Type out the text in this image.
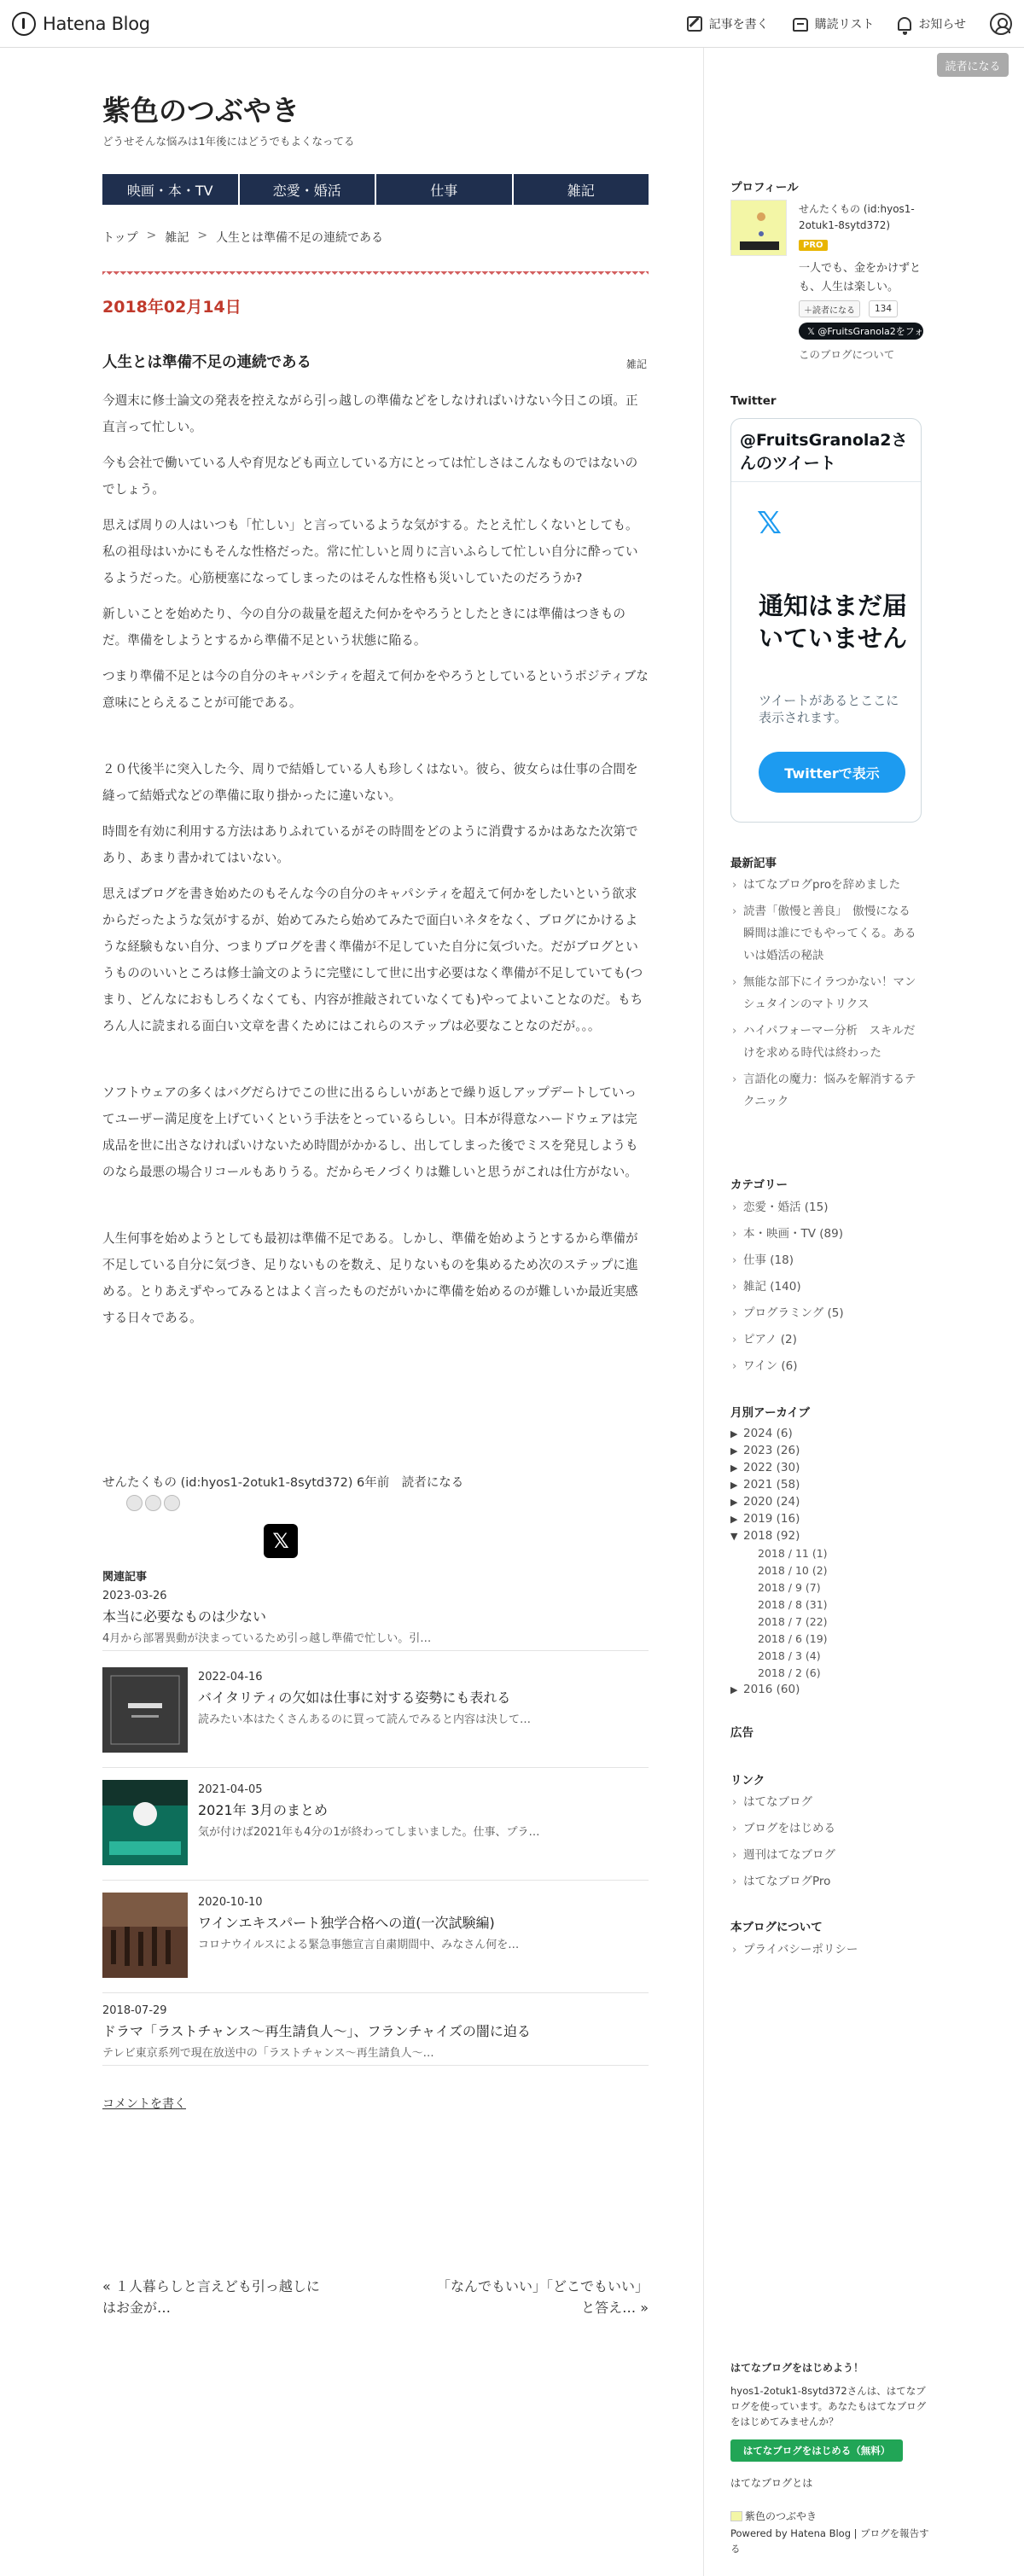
Hatena Blog	記事を書く	購読リスト	お知らせ
読者になる
紫色のつぶやき
どうせそんな悩みは1年後にはどうでもよくなってる
映画・本・TV	恋愛・婚活	仕事	雑記
トップ > 雑記 > 人生とは準備不足の連続である
2018年02月14日
人生とは準備不足の連続である	雑記

今週末に修士論文の発表を控えながら引っ越しの準備などをしなければいけない今日この頃。正直言って忙しい。

今も会社で働いている人や育児なども両立している方にとっては忙しさはこんなものではないのでしょう。

思えば周りの人はいつも「忙しい」と言っているような気がする。たとえ忙しくないとしても。私の祖母はいかにもそんな性格だった。常に忙しいと周りに言いふらして忙しい自分に酔っているようだった。心筋梗塞になってしまったのはそんな性格も災いしていたのだろうか?

新しいことを始めたり、今の自分の裁量を超えた何かをやろうとしたときには準備はつきものだ。準備をしようとするから準備不足という状態に陥る。

つまり準備不足とは今の自分のキャパシティを超えて何かをやろうとしているというポジティブな意味にとらえることが可能である。

２０代後半に突入した今、周りで結婚している人も珍しくはない。彼ら、彼女らは仕事の合間を縫って結婚式などの準備に取り掛かったに違いない。

時間を有効に利用する方法はありふれているがその時間をどのように消費するかはあなた次第であり、あまり書かれてはいない。

思えばブログを書き始めたのもそんな今の自分のキャパシティを超えて何かをしたいという欲求からだったような気がするが、始めてみたら始めてみたで面白いネタをなく、ブログにかけるような経験もない自分、つまりブログを書く準備が不足していた自分に気づいた。だがブログというもののいいところは修士論文のように完璧にして世に出す必要はなく準備が不足していても(つまり、どんなにおもしろくなくても、内容が推敲されていなくても)やってよいことなのだ。もちろん人に読まれる面白い文章を書くためにはこれらのステップは必要なことなのだが。。。

ソフトウェアの多くはバグだらけでこの世に出るらしいがあとで繰り返しアップデートしていってユーザー満足度を上げていくという手法をとっているらしい。日本が得意なハードウェアは完成品を世に出さなければいけないため時間がかかるし、出してしまった後でミスを発見しようものなら最悪の場合リコールもありうる。だからモノづくりは難しいと思うがこれは仕方がない。

人生何事を始めようとしても最初は準備不足である。しかし、準備を始めようとするから準備が不足している自分に気づき、足りないものを数え、足りないものを集めるため次のステップに進める。とりあえずやってみるとはよく言ったものだがいかに準備を始めるのが難しいか最近実感する日々である。

せんたくもの (id:hyos1-2otuk1-8sytd372) 6年前　読者になる
𝕏
関連記事
2023-03-26
本当に必要なものは少ない
4月から部署異動が決まっているため引っ越し準備で忙しい。引…
2022-04-16
バイタリティの欠如は仕事に対する姿勢にも表れる
読みたい本はたくさんあるのに買って読んでみると内容は決して…
2021-04-05
2021年 3月のまとめ
気が付けば2021年も4分の1が終わってしまいました。仕事、プラ…
2020-10-10
ワインエキスパート独学合格への道(一次試験編)
コロナウイルスによる緊急事態宣言自粛期間中、みなさん何を…
2018-07-29
ドラマ「ラストチャンス〜再生請負人〜」、フランチャイズの闇に迫る
テレビ東京系列で現在放送中の「ラストチャンス〜再生請負人〜…
コメントを書く
« １人暮らしと言えども引っ越しにはお金が…
「なんでもいい」「どこでもいい」と答え… »
プロフィール
せんたくもの (id:hyos1-2otuk1-8sytd372)
PRO
一人でも、金をかけずとも、人生は楽しい。
＋読者になる	134
𝕏 @FruitsGranola2をフォロー
このブログについて
Twitter
@FruitsGranola2さんのツイート
𝕏
通知はまだ届いていません
ツイートがあるとここに表示されます。
Twitterで表示
最新記事
› はてなブログproを辞めました
› 読書「傲慢と善良」　傲慢になる瞬間は誰にでもやってくる。あるいは婚活の秘訣
› 無能な部下にイラつかない！マンシュタインのマトリクス
› ハイパフォーマー分析　スキルだけを求める時代は終わった
› 言語化の魔力：悩みを解消するテクニック
カテゴリー
› 恋愛・婚活 (15)
› 本・映画・TV (89)
› 仕事 (18)
› 雑記 (140)
› プログラミング (5)
› ピアノ (2)
› ワイン (6)
月別アーカイブ
▶ 2024 (6)
▶ 2023 (26)
▶ 2022 (30)
▶ 2021 (58)
▶ 2020 (24)
▶ 2019 (16)
▼ 2018 (92)
2018 / 11 (1)
2018 / 10 (2)
2018 / 9 (7)
2018 / 8 (31)
2018 / 7 (22)
2018 / 6 (19)
2018 / 3 (4)
2018 / 2 (6)
▶ 2016 (60)
広告
リンク
› はてなブログ
› ブログをはじめる
› 週刊はてなブログ
› はてなブログPro
本ブログについて
› プライバシーポリシー
はてなブログをはじめよう！
hyos1-2otuk1-8sytd372さんは、はてなブログを使っています。あなたもはてなブログをはじめてみませんか？
はてなブログをはじめる（無料）
はてなブログとは
紫色のつぶやき
Powered by Hatena Blog | ブログを報告する
